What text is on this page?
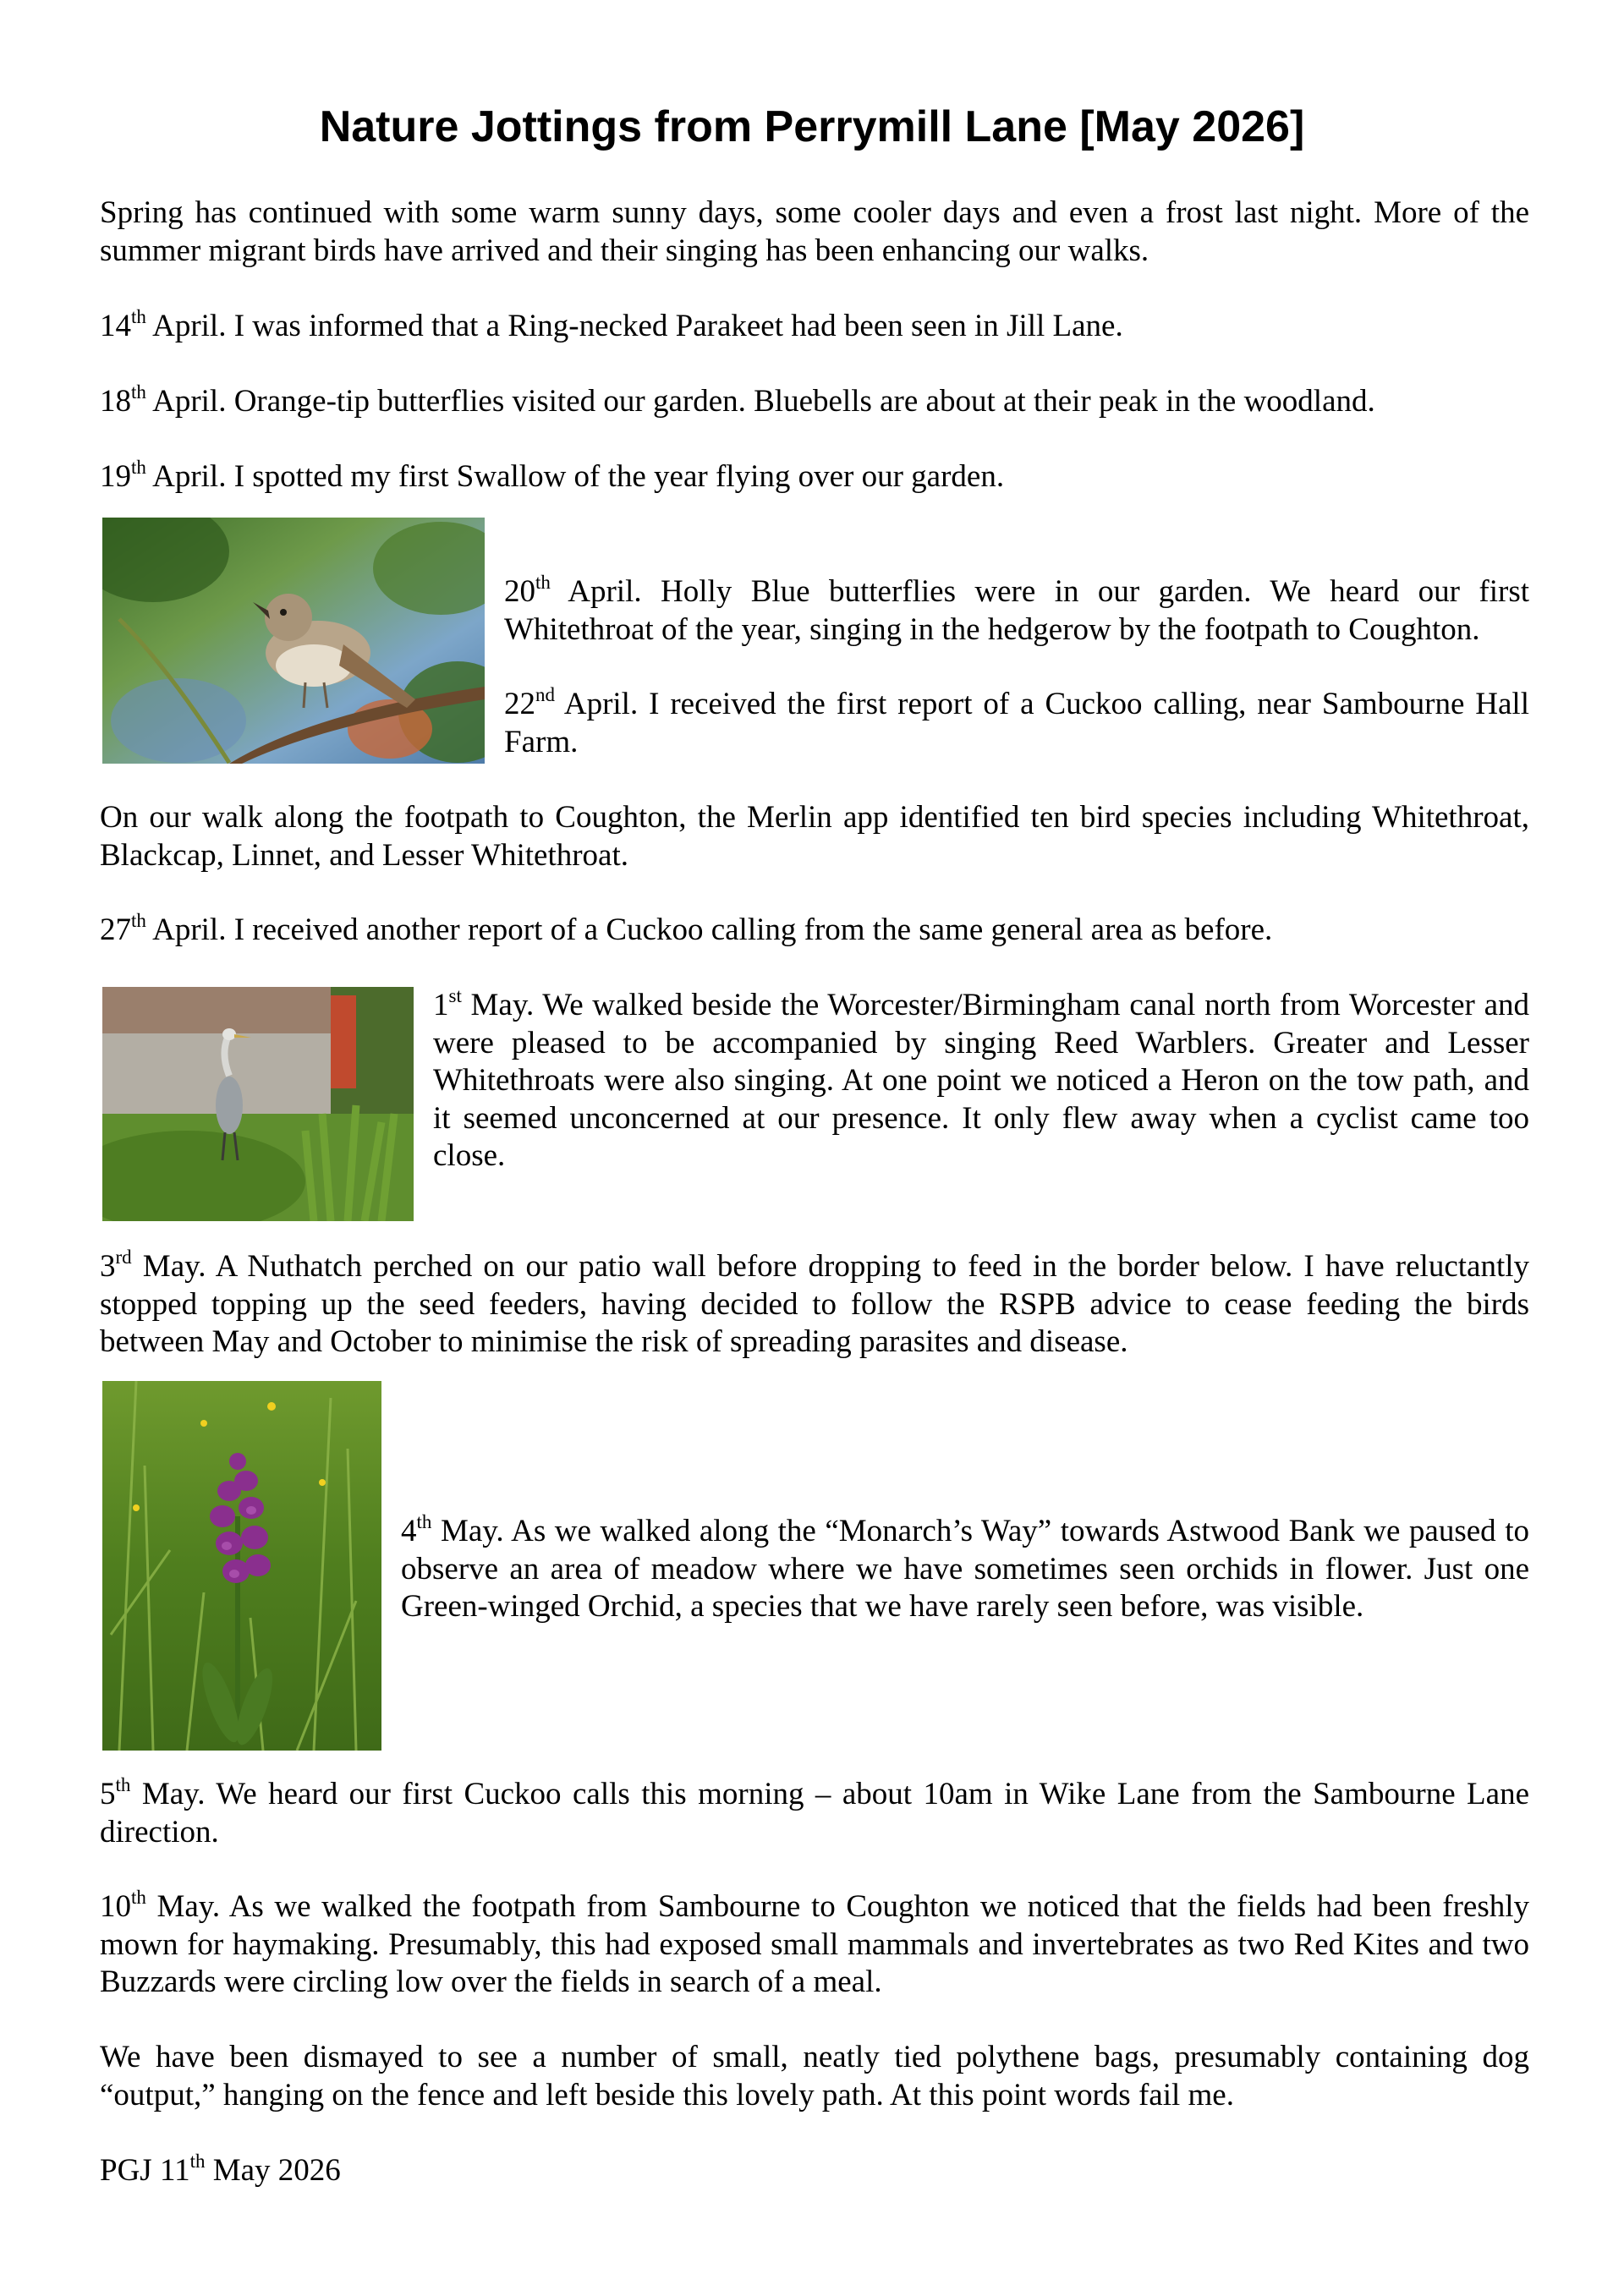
Nature Jottings from Perrymill Lane [May 2026]

Spring has continued with some warm sunny days, some cooler days and even a frost last night. More of the summer migrant birds have arrived and their singing has been enhancing our walks.

14th April. I was informed that a Ring-necked Parakeet had been seen in Jill Lane.

18th April. Orange-tip butterflies visited our garden. Bluebells are about at their peak in the woodland.

19th April. I spotted my first Swallow of the year flying over our garden.

20th April. Holly Blue butterflies were in our garden. We heard our first Whitethroat of the year, singing in the hedgerow by the footpath to Coughton.

22nd April. I received the first report of a Cuckoo calling, near Sambourne Hall Farm.

On our walk along the footpath to Coughton, the Merlin app identified ten bird species including Whitethroat, Blackcap, Linnet, and Lesser Whitethroat.

27th April. I received another report of a Cuckoo calling from the same general area as before.

1st May. We walked beside the Worcester/Birmingham canal north from Worcester and were pleased to be accompanied by singing Reed Warblers. Greater and Lesser Whitethroats were also singing. At one point we noticed a Heron on the tow path, and it seemed unconcerned at our presence. It only flew away when a cyclist came too close.

3rd May. A Nuthatch perched on our patio wall before dropping to feed in the border below. I have reluctantly stopped topping up the seed feeders, having decided to follow the RSPB advice to cease feeding the birds between May and October to minimise the risk of spreading parasites and disease.

4th May. As we walked along the “Monarch’s Way” towards Astwood Bank we paused to observe an area of meadow where we have sometimes seen orchids in flower. Just one Green-winged Orchid, a species that we have rarely seen before, was visible.

5th May. We heard our first Cuckoo calls this morning – about 10am in Wike Lane from the Sambourne Lane direction.

10th May. As we walked the footpath from Sambourne to Coughton we noticed that the fields had been freshly mown for haymaking. Presumably, this had exposed small mammals and invertebrates as two Red Kites and two Buzzards were circling low over the fields in search of a meal.

We have been dismayed to see a number of small, neatly tied polythene bags, presumably containing dog “output,” hanging on the fence and left beside this lovely path. At this point words fail me.

PGJ 11th May 2026
